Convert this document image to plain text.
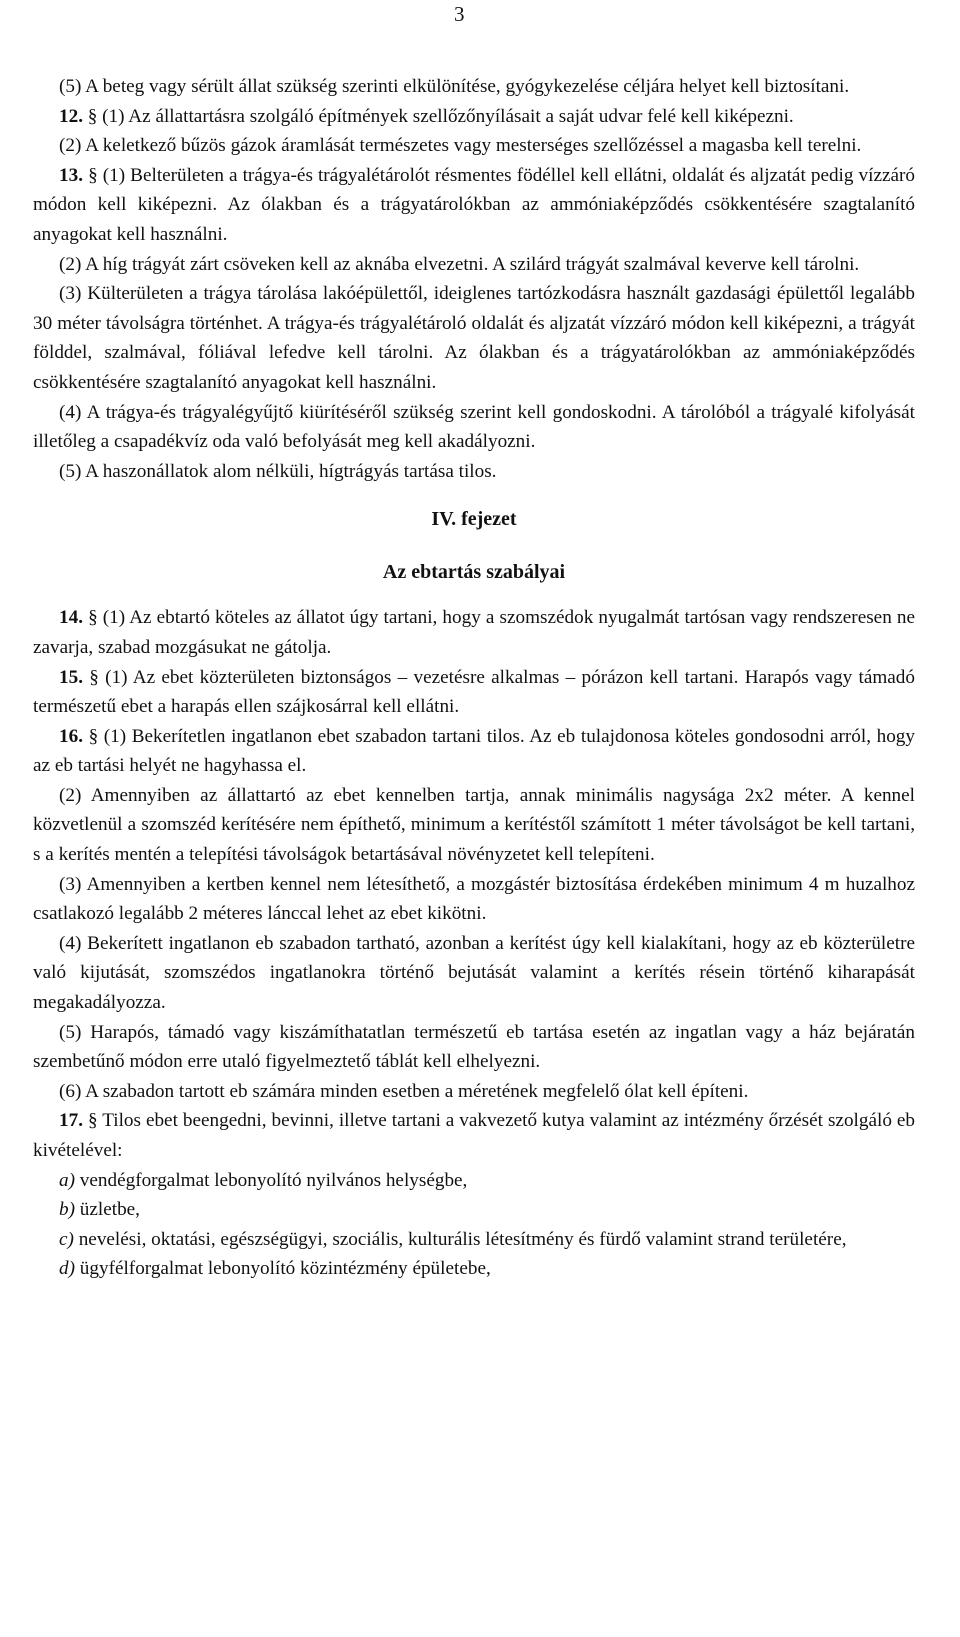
3

(5) A beteg vagy sérült állat szükség szerinti elkülönítése, gyógykezelése céljára helyet kell biztosítani.

12. § (1) Az állattartásra szolgáló építmények szellőzőnyílásait a saját udvar felé kell kiképezni.

(2) A keletkező bűzös gázok áramlását természetes vagy mesterséges szellőzéssel a magasba kell terelni.

13. § (1) Belterületen a trágya-és trágyalétárolót résmentes födéllel kell ellátni, oldalát és aljzatát pedig vízzáró módon kell kiképezni. Az ólakban és a trágyatárolókban az ammóniaképződés csökkentésére szagtalanító anyagokat kell használni.

(2) A híg trágyát zárt csöveken kell az aknába elvezetni. A szilárd trágyát szalmával keverve kell tárolni.

(3) Külterületen a trágya tárolása lakóépülettől, ideiglenes tartózkodásra használt gazdasági épülettől legalább 30 méter távolságra történhet. A trágya-és trágyalétároló oldalát és aljzatát vízzáró módon kell kiképezni, a trágyát földdel, szalmával, fóliával lefedve kell tárolni. Az ólakban és a trágyatárolókban az ammóniaképződés csökkentésére szagtalanító anyagokat kell használni.

(4) A trágya-és trágyalégyűjtő kiürítéséről szükség szerint kell gondoskodni. A tárolóból a trágyalé kifolyását illetőleg a csapadékvíz oda való befolyását meg kell akadályozni.

(5) A haszonállatok alom nélküli, hígtrágyás tartása tilos.

IV. fejezet

Az ebtartás szabályai

14. § (1) Az ebtartó köteles az állatot úgy tartani, hogy a szomszédok nyugalmát tartósan vagy rendszeresen ne zavarja, szabad mozgásukat ne gátolja.

15. § (1) Az ebet közterületen biztonságos – vezetésre alkalmas – pórázon kell tartani. Harapós vagy támadó természetű ebet a harapás ellen szájkosárral kell ellátni.

16. § (1) Bekerítetlen ingatlanon ebet szabadon tartani tilos. Az eb tulajdonosa köteles gondosodni arról, hogy az eb tartási helyét ne hagyhassa el.

(2) Amennyiben az állattartó az ebet kennelben tartja, annak minimális nagysága 2x2 méter. A kennel közvetlenül a szomszéd kerítésére nem építhető, minimum a kerítéstől számított 1 méter távolságot be kell tartani, s a kerítés mentén a telepítési távolságok betartásával növényzetet kell telepíteni.

(3) Amennyiben a kertben kennel nem létesíthető, a mozgástér biztosítása érdekében minimum 4 m huzalhoz csatlakozó legalább 2 méteres lánccal lehet az ebet kikötni.

(4) Bekerített ingatlanon eb szabadon tartható, azonban a kerítést úgy kell kialakítani, hogy az eb közterületre való kijutását, szomszédos ingatlanokra történő bejutását valamint a kerítés résein történő kiharapását megakadályozza.

(5) Harapós, támadó vagy kiszámíthatatlan természetű eb tartása esetén az ingatlan vagy a ház bejáratán szembetűnő módon erre utaló figyelmeztető táblát kell elhelyezni.

(6) A szabadon tartott eb számára minden esetben a méretének megfelelő ólat kell építeni.

17. § Tilos ebet beengedni, bevinni, illetve tartani a vakvezető kutya valamint az intézmény őrzését szolgáló eb kivételével:

a) vendégforgalmat lebonyolító nyilvános helységbe,

b) üzletbe,

c) nevelési, oktatási, egészségügyi, szociális, kulturális létesítmény és fürdő valamint strand területére,

d) ügyfélforgalmat lebonyolító közintézmény épületebe,
